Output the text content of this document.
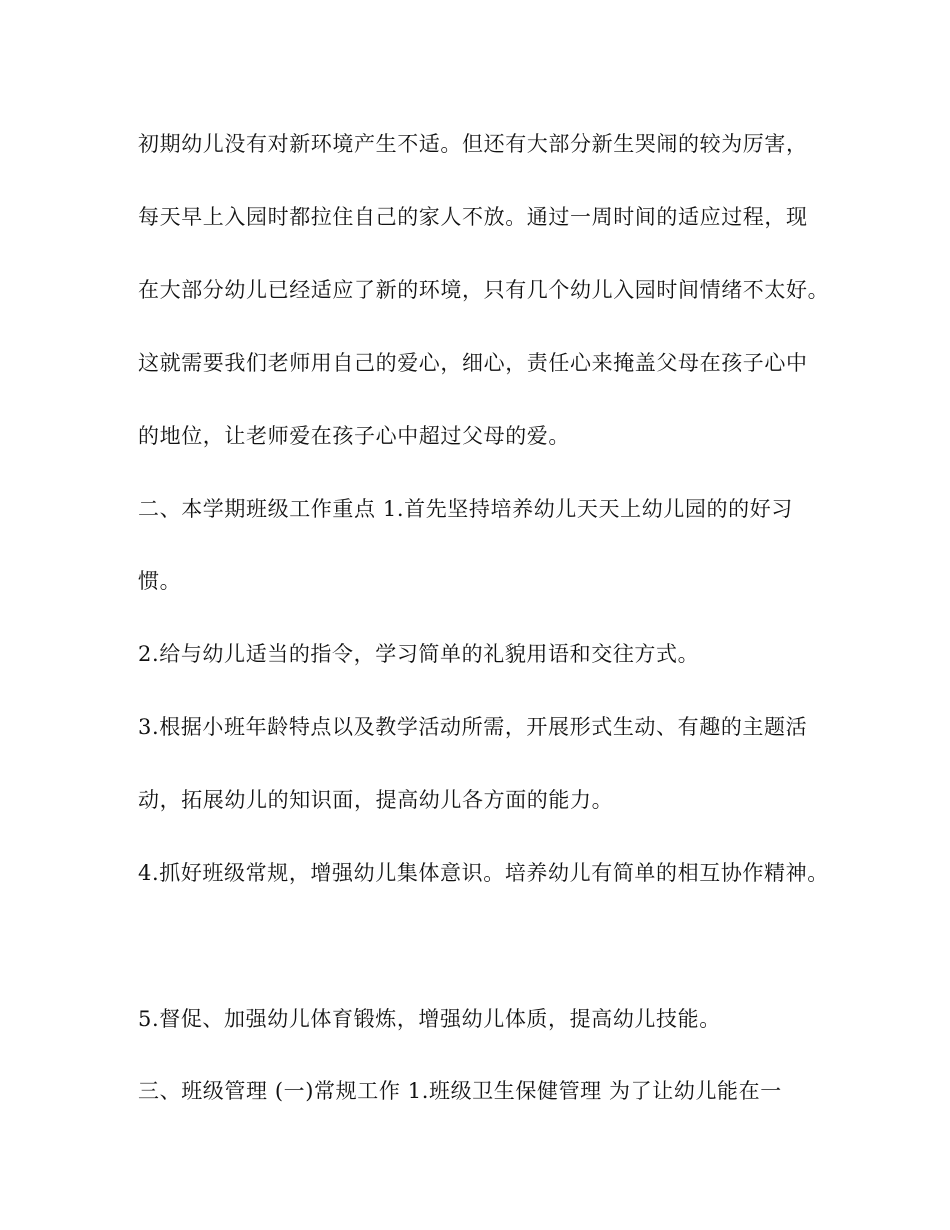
初期幼儿没有对新环境产生不适。但还有大部分新生哭闹的较为厉害，
每天早上入园时都拉住自己的家人不放。通过一周时间的适应过程，现
在大部分幼儿已经适应了新的环境，只有几个幼儿入园时间情绪不太好。
这就需要我们老师用自己的爱心，细心，责任心来掩盖父母在孩子心中
的地位，让老师爱在孩子心中超过父母的爱。
二、本学期班级工作重点 1.首先坚持培养幼儿天天上幼儿园的的好习
惯。
2.给与幼儿适当的指令，学习简单的礼貌用语和交往方式。
3.根据小班年龄特点以及教学活动所需，开展形式生动、有趣的主题活
动，拓展幼儿的知识面，提高幼儿各方面的能力。
4.抓好班级常规，增强幼儿集体意识。培养幼儿有简单的相互协作精神。
5.督促、加强幼儿体育锻炼，增强幼儿体质，提高幼儿技能。
三、班级管理 (一)常规工作 1.班级卫生保健管理 为了让幼儿能在一
